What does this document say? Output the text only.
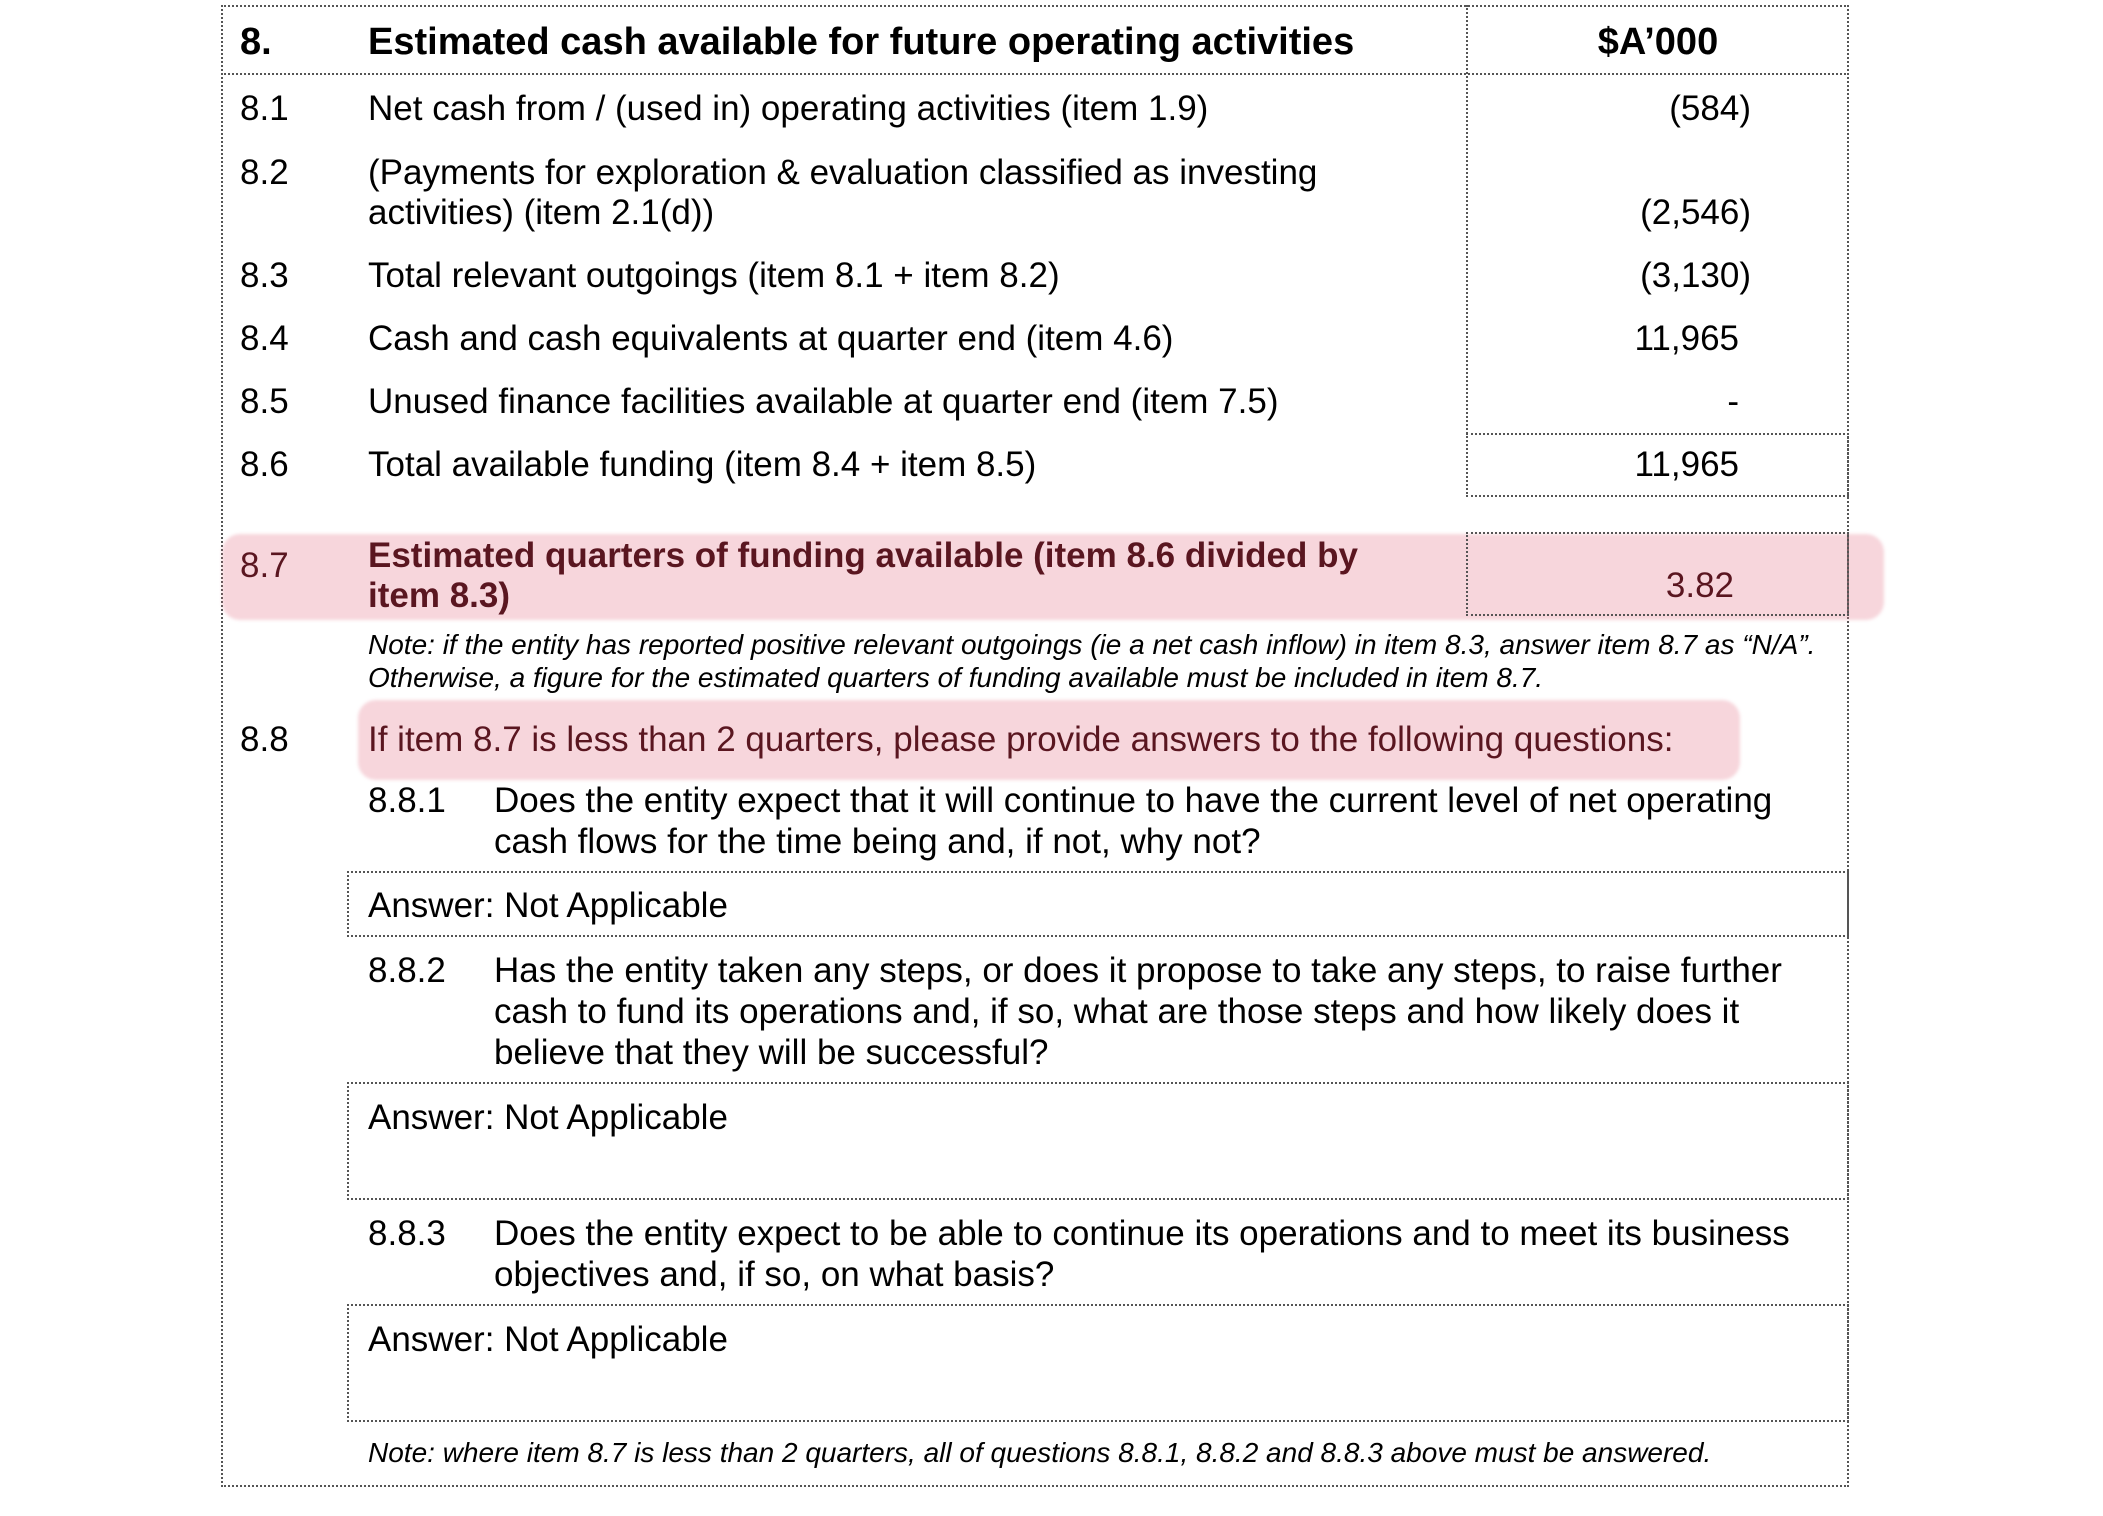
8.	Estimated cash available for future operating activities	$A’000
8.1 Net cash from / (used in) operating activities (item 1.9)	(584)
8.2 (Payments for exploration & evaluation classified as investing
activities) (item 2.1(d))	(2,546)
8.3 Total relevant outgoings (item 8.1 + item 8.2)	(3,130)
8.4 Cash and cash equivalents at quarter end (item 4.6)	11,965
8.5 Unused finance facilities available at quarter end (item 7.5)	-
8.6 Total available funding (item 8.4 + item 8.5)	11,965
8.7 Estimated quarters of funding available (item 8.6 divided by
item 8.3)	3.82
Note: if the entity has reported positive relevant outgoings (ie a net cash inflow) in item 8.3, answer item 8.7 as “N/A”.
Otherwise, a figure for the estimated quarters of funding available must be included in item 8.7.
8.8 If item 8.7 is less than 2 quarters, please provide answers to the following questions:
8.8.1 Does the entity expect that it will continue to have the current level of net operating
cash flows for the time being and, if not, why not?
Answer: Not Applicable
8.8.2 Has the entity taken any steps, or does it propose to take any steps, to raise further
cash to fund its operations and, if so, what are those steps and how likely does it
believe that they will be successful?
Answer: Not Applicable
8.8.3 Does the entity expect to be able to continue its operations and to meet its business
objectives and, if so, on what basis?
Answer: Not Applicable
Note: where item 8.7 is less than 2 quarters, all of questions 8.8.1, 8.8.2 and 8.8.3 above must be answered.
